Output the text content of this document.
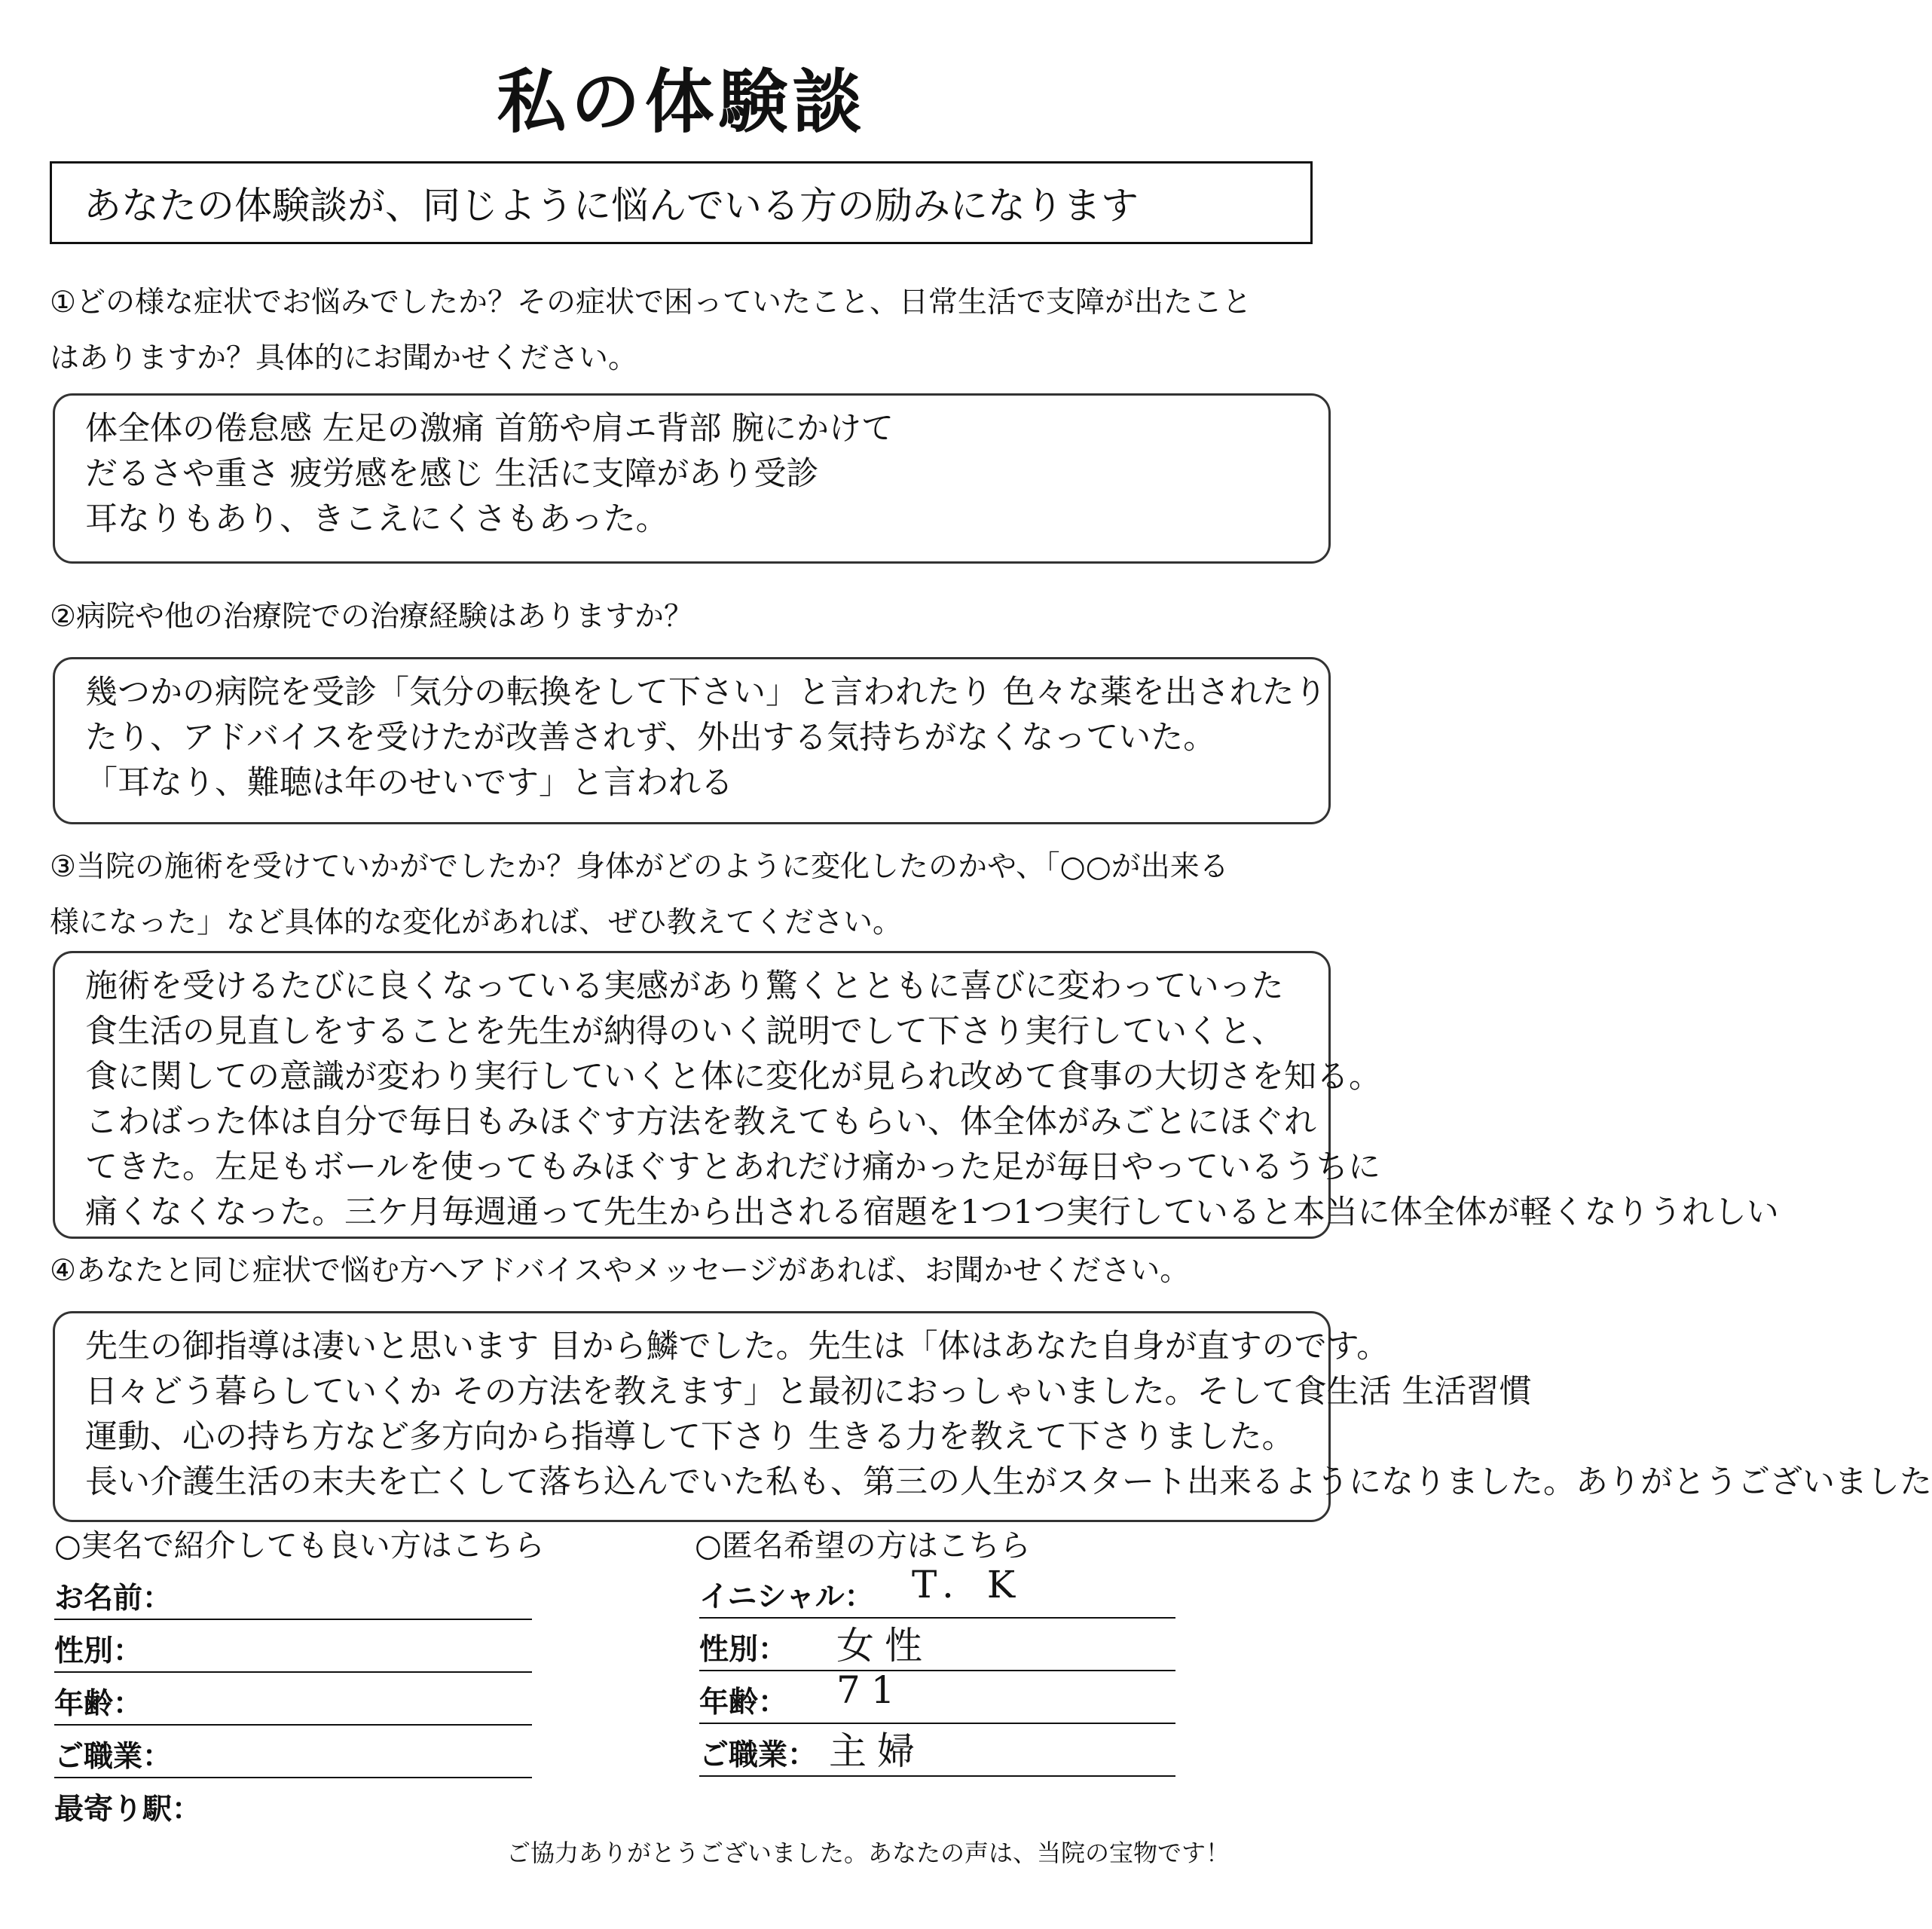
私の体験談
あなたの体験談が、同じように悩んでいる方の励みになります
①どの様な症状でお悩みでしたか？その症状で困っていたこと、日常生活で支障が出たこと
はありますか？具体的にお聞かせください。
体全体の倦怠感 左足の激痛 首筋や肩エ背部 腕にかけて
だるさや重さ 疲労感を感じ 生活に支障があり受診
耳なりもあり、きこえにくさもあった。
②病院や他の治療院での治療経験はありますか？
幾つかの病院を受診「気分の転換をして下さい」と言われたり 色々な薬を出されたり
たり、アドバイスを受けたが改善されず、外出する気持ちがなくなっていた。
「耳なり、難聴は年のせいです」と言われる
③当院の施術を受けていかがでしたか？身体がどのように変化したのかや、「○○が出来る
様になった」など具体的な変化があれば、ぜひ教えてください。
施術を受けるたびに良くなっている実感があり驚くとともに喜びに変わっていった
食生活の見直しをすることを先生が納得のいく説明でして下さり実行していくと、
食に関しての意識が変わり実行していくと体に変化が見られ改めて食事の大切さを知る。
こわばった体は自分で毎日もみほぐす方法を教えてもらい、体全体がみごとにほぐれ
てきた。左足もボールを使ってもみほぐすとあれだけ痛かった足が毎日やっているうちに
痛くなくなった。三ケ月毎週通って先生から出される宿題を1つ1つ実行していると本当に体全体が軽くなりうれしい
④あなたと同じ症状で悩む方へアドバイスやメッセージがあれば、お聞かせください。
先生の御指導は凄いと思います 目から鱗でした。先生は「体はあなた自身が直すのです。
日々どう暮らしていくか その方法を教えます」と最初におっしゃいました。そして食生活 生活習慣
運動、心の持ち方など多方向から指導して下さり 生きる力を教えて下さりました。
長い介護生活の末夫を亡くして落ち込んでいた私も、第三の人生がスタート出来るようになりました。ありがとうございました
○実名で紹介しても良い方はこちら
お名前：
性別：
年齢：
ご職業：
最寄り駅：
○匿名希望の方はこちら
イニシャル： T. K
性別： 女性
年齢： 71
ご職業： 主婦
ご協力ありがとうございました。あなたの声は、当院の宝物です！
